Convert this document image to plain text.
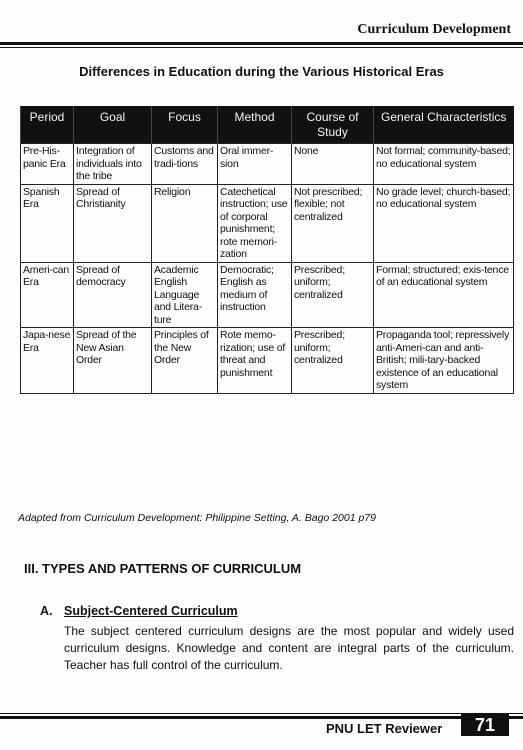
Curriculum Development
Differences in Education during the Various Historical Eras
Period	Goal	Focus	Method	Course of Study	General Characteristics
Pre-His-panic Era	Integration of individuals into the tribe	Customs and tradi-tions	Oral immer-sion	None	Not formal; community-based; no educational system
Spanish Era	Spread of Christianity	Religion	Catechetical instruction; use of corporal punishment; rote memori-zation	Not prescribed; flexible; not centralized	No grade level; church-based; no educational system
Ameri-can Era	Spread of democracy	Academic English Language and Litera-ture	Democratic; English as medium of instruction	Prescribed; uniform; centralized	Formal; structured; exis-tence of an educational system
Japa-nese Era	Spread of the New Asian Order	Principles of the New Order	Rote memo-rization; use of threat and punishment	Prescribed; uniform; centralized	Propaganda tool; repressively anti-Ameri-can and anti-British; mili-tary-backed existence of an educational system
Adapted from Curriculum Development: Philippine Setting, A. Bago 2001 p79
III. TYPES AND PATTERNS OF CURRICULUM
A. Subject-Centered Curriculum
The subject centered curriculum designs are the most popular and widely used curriculum designs. Knowledge and content are integral parts of the curriculum. Teacher has full control of the curriculum.
PNU LET Reviewer	71
